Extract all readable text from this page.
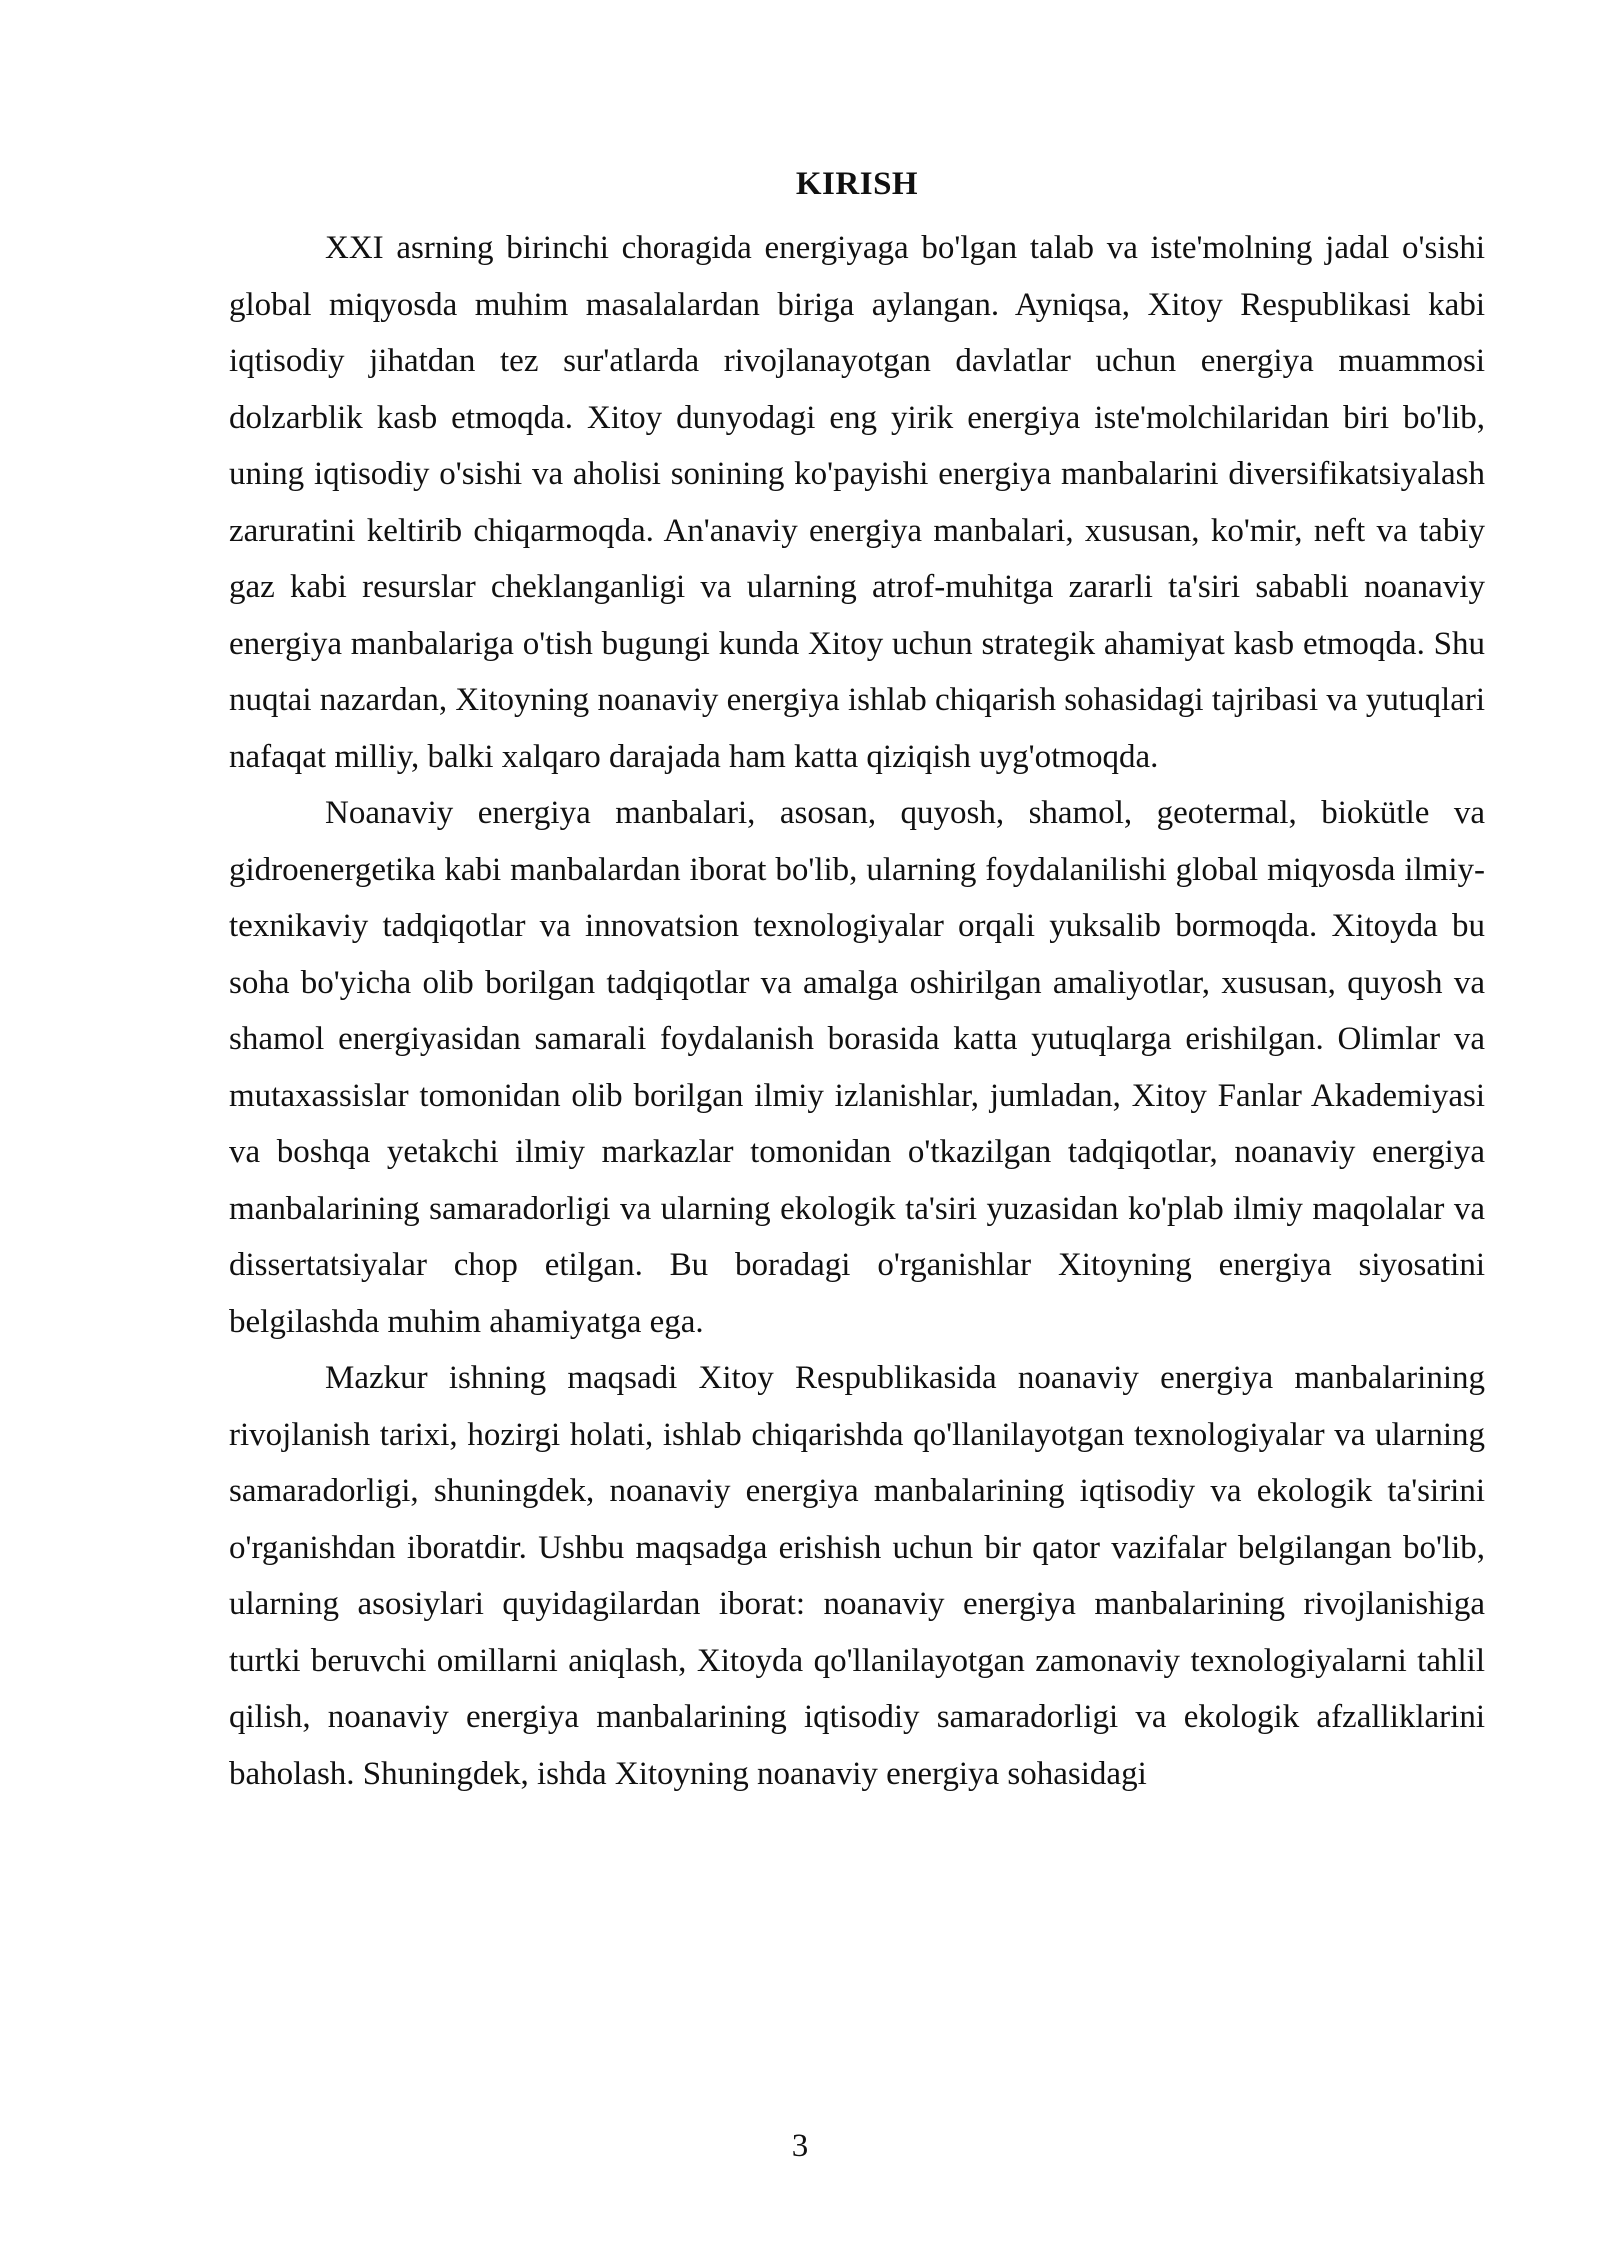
KIRISH

XXI asrning birinchi choragida energiyaga bo'lgan talab va iste'molning jadal o'sishi global miqyosda muhim masalalardan biriga aylangan. Ayniqsa, Xitoy Respublikasi kabi iqtisodiy jihatdan tez sur'atlarda rivojlanayotgan davlatlar uchun energiya muammosi dolzarblik kasb etmoqda. Xitoy dunyodagi eng yirik energiya iste'molchilaridan biri bo'lib, uning iqtisodiy o'sishi va aholisi sonining ko'payishi energiya manbalarini diversifikatsiyalash zaruratini keltirib chiqarmoqda. An'anaviy energiya manbalari, xususan, ko'mir, neft va tabiy gaz kabi resurslar cheklanganligi va ularning atrof-muhitga zararli ta'siri sababli noanaviy energiya manbalariga o'tish bugungi kunda Xitoy uchun strategik ahamiyat kasb etmoqda. Shu nuqtai nazardan, Xitoyning noanaviy energiya ishlab chiqarish sohasidagi tajribasi va yutuqlari nafaqat milliy, balki xalqaro darajada ham katta qiziqish uyg'otmoqda.

Noanaviy energiya manbalari, asosan, quyosh, shamol, geotermal, biokütle va gidroenergetika kabi manbalardan iborat bo'lib, ularning foydalanilishi global miqyosda ilmiy-texnikaviy tadqiqotlar va innovatsion texnologiyalar orqali yuksalib bormoqda. Xitoyda bu soha bo'yicha olib borilgan tadqiqotlar va amalga oshirilgan amaliyotlar, xususan, quyosh va shamol energiyasidan samarali foydalanish borasida katta yutuqlarga erishilgan. Olimlar va mutaxassislar tomonidan olib borilgan ilmiy izlanishlar, jumladan, Xitoy Fanlar Akademiyasi va boshqa yetakchi ilmiy markazlar tomonidan o'tkazilgan tadqiqotlar, noanaviy energiya manbalarining samaradorligi va ularning ekologik ta'siri yuzasidan ko'plab ilmiy maqolalar va dissertatsiyalar chop etilgan. Bu boradagi o'rganishlar Xitoyning energiya siyosatini belgilashda muhim ahamiyatga ega.

Mazkur ishning maqsadi Xitoy Respublikasida noanaviy energiya manbalarining rivojlanish tarixi, hozirgi holati, ishlab chiqarishda qo'llanilayotgan texnologiyalar va ularning samaradorligi, shuningdek, noanaviy energiya manbalarining iqtisodiy va ekologik ta'sirini o'rganishdan iboratdir. Ushbu maqsadga erishish uchun bir qator vazifalar belgilangan bo'lib, ularning asosiylari quyidagilardan iborat: noanaviy energiya manbalarining rivojlanishiga turtki beruvchi omillarni aniqlash, Xitoyda qo'llanilayotgan zamonaviy texnologiyalarni tahlil qilish, noanaviy energiya manbalarining iqtisodiy samaradorligi va ekologik afzalliklarini baholash. Shuningdek, ishda Xitoyning noanaviy energiya sohasidagi

3
